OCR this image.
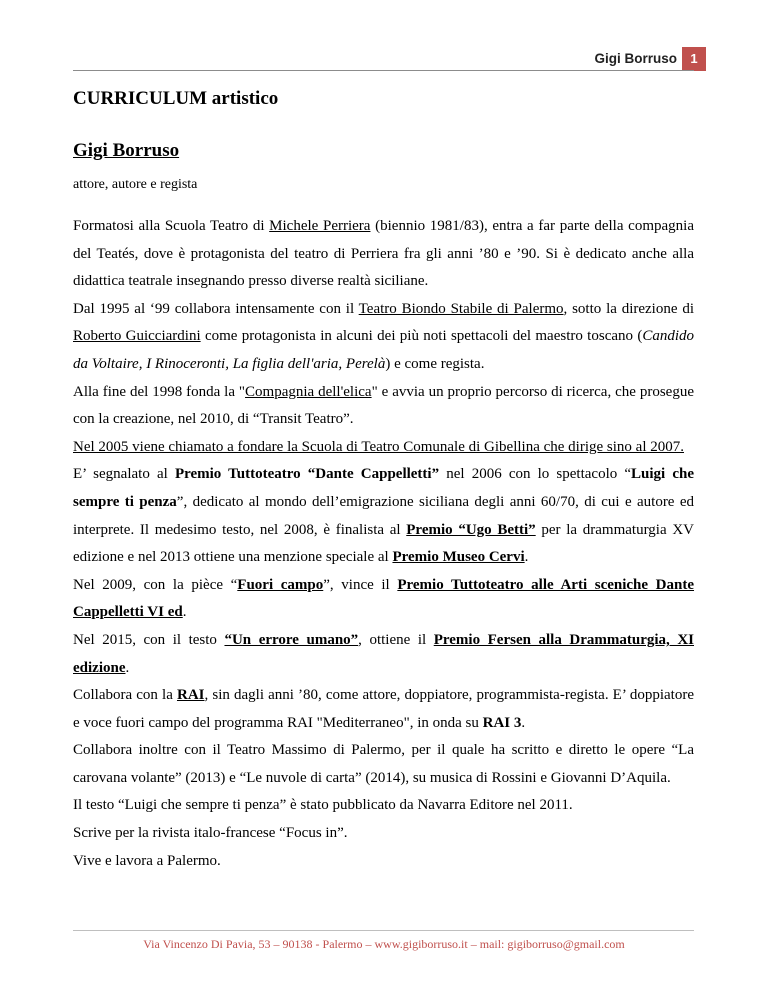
Gigi Borruso	1
CURRICULUM artistico
Gigi Borruso
attore, autore e regista

Formatosi alla Scuola Teatro di Michele Perriera (biennio 1981/83), entra a far parte della compagnia del Teatés, dove è protagonista del teatro di Perriera fra gli anni ’80 e ’90. Si è dedicato anche alla didattica teatrale insegnando presso diverse realtà siciliane.

Dal 1995 al ‘99 collabora intensamente con il Teatro Biondo Stabile di Palermo, sotto la direzione di Roberto Guicciardini come protagonista in alcuni dei più noti spettacoli del maestro toscano (Candido da Voltaire, I Rinoceronti, La figlia dell'aria, Perelà) e come regista.

Alla fine del 1998 fonda la "Compagnia dell'elica" e avvia un proprio percorso di ricerca, che prosegue con la creazione, nel 2010, di “Transit Teatro”.

Nel 2005 viene chiamato a fondare la Scuola di Teatro Comunale di Gibellina che dirige sino al 2007.

E’ segnalato al Premio Tuttoteatro “Dante Cappelletti” nel 2006 con lo spettacolo “Luigi che sempre ti penza”, dedicato al mondo dell’emigrazione siciliana degli anni 60/70, di cui e autore ed interprete. Il medesimo testo, nel 2008, è finalista al Premio “Ugo Betti” per la drammaturgia XV edizione e nel 2013 ottiene una menzione speciale al Premio Museo Cervi.

Nel 2009, con la pièce “Fuori campo”, vince il Premio Tuttoteatro alle Arti sceniche Dante Cappelletti VI ed.

Nel 2015, con il testo “Un errore umano”, ottiene il Premio Fersen alla Drammaturgia, XI edizione.

Collabora con la RAI, sin dagli anni ’80, come attore, doppiatore, programmista-regista. E’ doppiatore e voce fuori campo del programma RAI "Mediterraneo", in onda su RAI 3.

Collabora inoltre con il Teatro Massimo di Palermo, per il quale ha scritto e diretto le opere “La carovana volante” (2013) e “Le nuvole di carta” (2014), su musica di Rossini e Giovanni D’Aquila.

Il testo “Luigi che sempre ti penza” è stato pubblicato da Navarra Editore nel 2011.

Scrive per la rivista italo-francese “Focus in”.

Vive e lavora a Palermo.

Via Vincenzo Di Pavia, 53 – 90138 - Palermo – www.gigiborruso.it – mail: gigiborruso@gmail.com
